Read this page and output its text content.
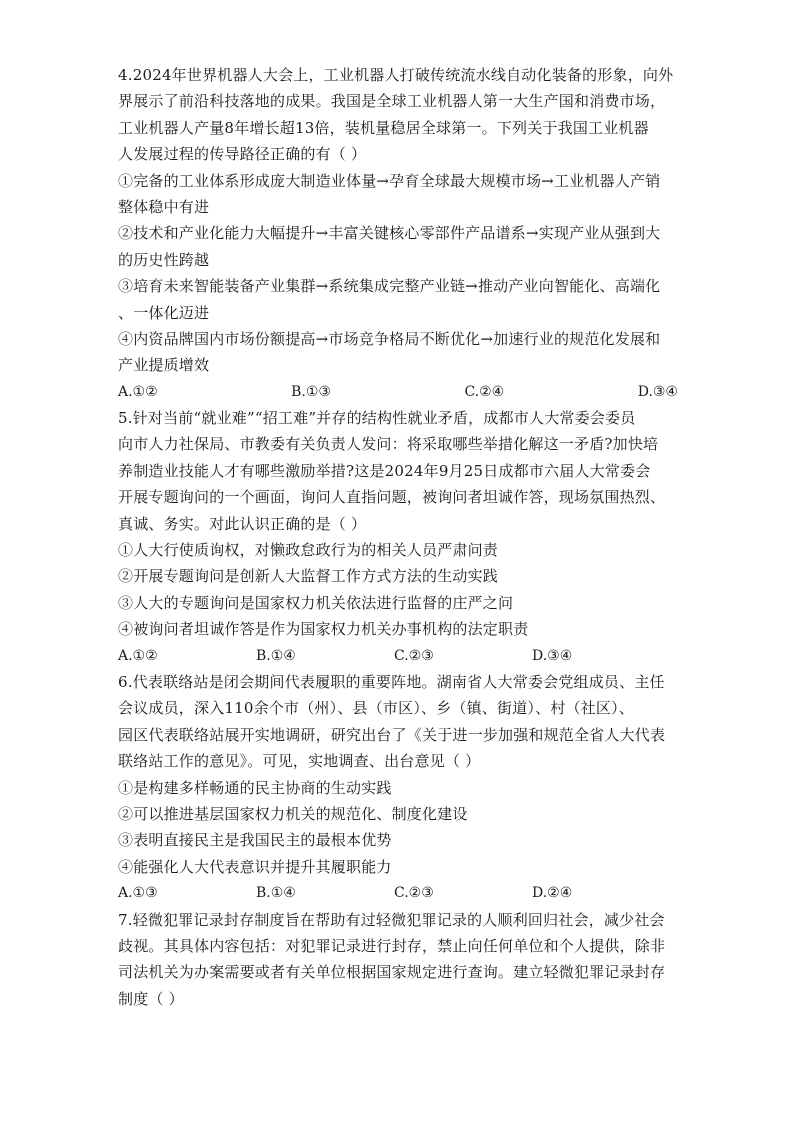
4.2024年世界机器人大会上，工业机器人打破传统流水线自动化装备的形象，向外
界展示了前沿科技落地的成果。我国是全球工业机器人第一大生产国和消费市场，
工业机器人产量8年增长超13倍，装机量稳居全球第一。下列关于我国工业机器
人发展过程的传导路径正确的有（ ）
①完备的工业体系形成庞大制造业体量→孕育全球最大规模市场→工业机器人产销
整体稳中有进
②技术和产业化能力大幅提升→丰富关键核心零部件产品谱系→实现产业从强到大
的历史性跨越
③培育未来智能装备产业集群→系统集成完整产业链→推动产业向智能化、高端化
、一体化迈进
④内资品牌国内市场份额提高→市场竞争格局不断优化→加速行业的规范化发展和
产业提质增效
A.①②	B.①③	C.②④	D.③④
5.针对当前“就业难”“招工难”并存的结构性就业矛盾，成都市人大常委会委员
向市人力社保局、市教委有关负责人发问：将采取哪些举措化解这一矛盾?加快培
养制造业技能人才有哪些激励举措?这是2024年9月25日成都市六届人大常委会
开展专题询问的一个画面，询问人直指问题，被询问者坦诚作答，现场氛围热烈、
真诚、务实。对此认识正确的是（ ）
①人大行使质询权，对懒政怠政行为的相关人员严肃问责
②开展专题询问是创新人大监督工作方式方法的生动实践
③人大的专题询问是国家权力机关依法进行监督的庄严之问
④被询问者坦诚作答是作为国家权力机关办事机构的法定职责
A.①②	B.①④	C.②③	D.③④
6.代表联络站是闭会期间代表履职的重要阵地。湖南省人大常委会党组成员、主任
会议成员，深入110余个市（州）、县（市区）、乡（镇、街道）、村（社区）、
园区代表联络站展开实地调研，研究出台了《关于进一步加强和规范全省人大代表
联络站工作的意见》。可见，实地调查、出台意见（ ）
①是构建多样畅通的民主协商的生动实践
②可以推进基层国家权力机关的规范化、制度化建设
③表明直接民主是我国民主的最根本优势
④能强化人大代表意识并提升其履职能力
A.①③	B.①④	C.②③	D.②④
7.轻微犯罪记录封存制度旨在帮助有过轻微犯罪记录的人顺利回归社会，减少社会
歧视。其具体内容包括：对犯罪记录进行封存，禁止向任何单位和个人提供，除非
司法机关为办案需要或者有关单位根据国家规定进行查询。建立轻微犯罪记录封存
制度（ ）
